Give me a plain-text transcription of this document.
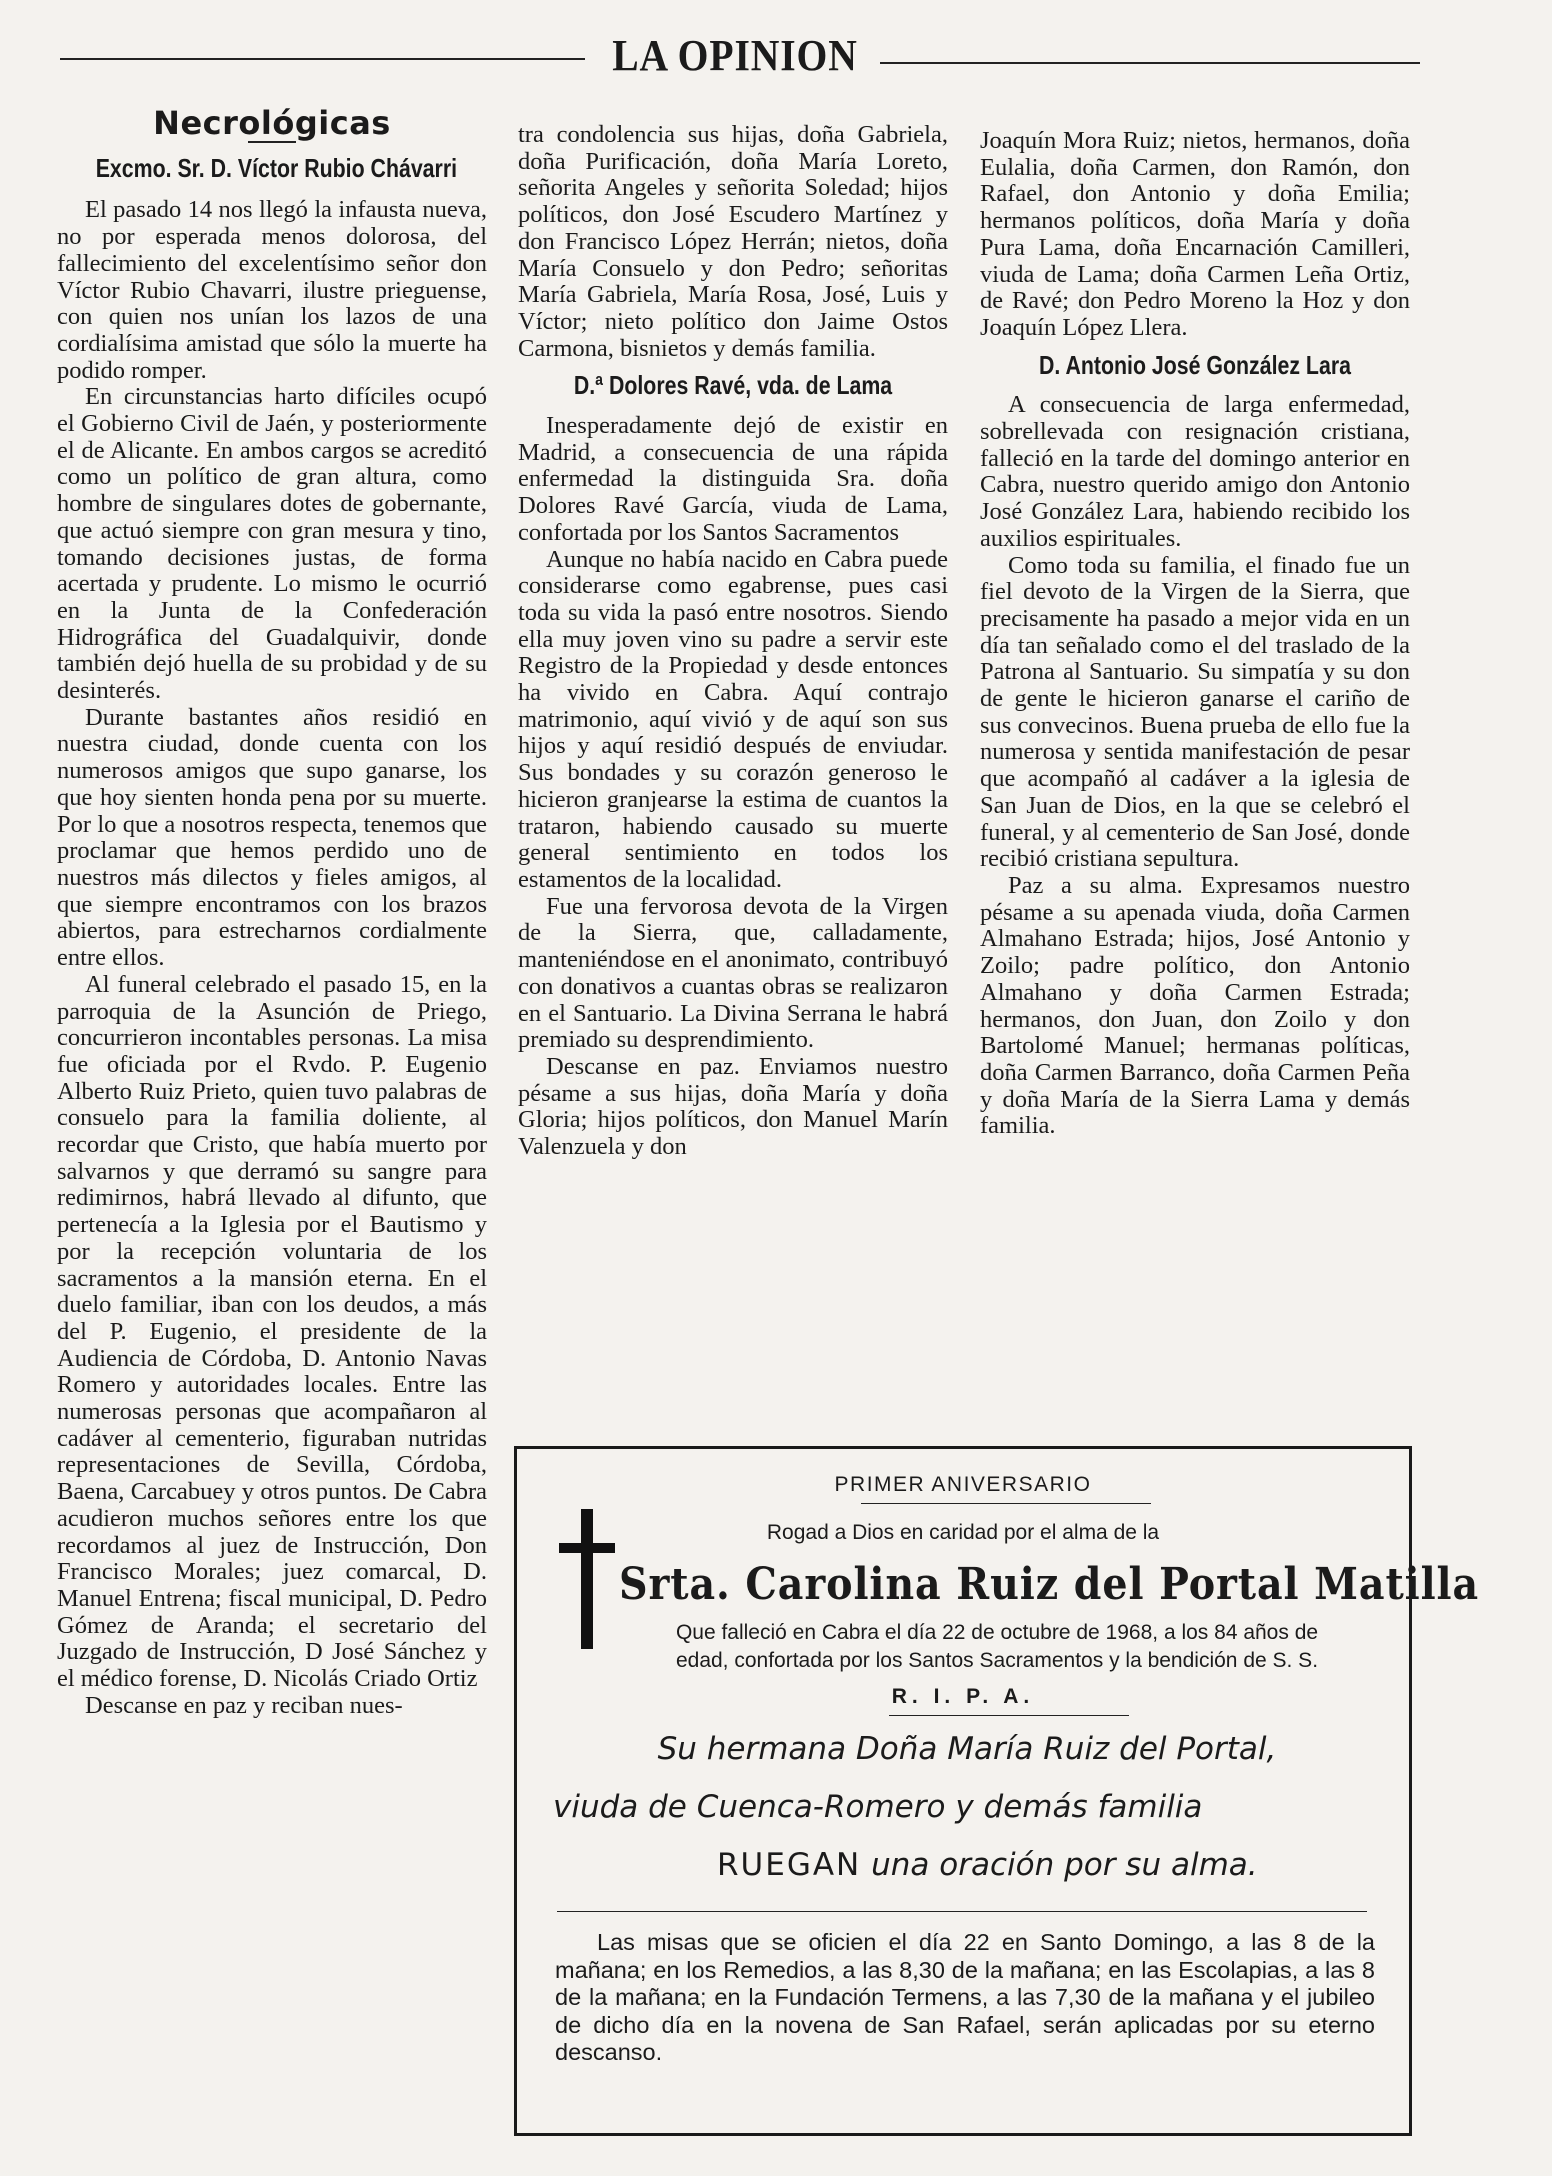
LA OPINION
Necrológicas
Excmo. Sr. D. Víctor Rubio Chávarri

El pasado 14 nos llegó la infausta nueva, no por esperada menos dolorosa, del fallecimiento del excelentísimo señor don Víctor Rubio Chavarri, ilustre prieguense, con quien nos unían los lazos de una cordialísima amistad que sólo la muerte ha podido romper.

En circunstancias harto difíciles ocupó el Gobierno Civil de Jaén, y posteriormente el de Alicante. En ambos cargos se acreditó como un político de gran altura, como hombre de singulares dotes de gobernante, que actuó siempre con gran mesura y tino, tomando decisiones justas, de forma acertada y prudente. Lo mismo le ocurrió en la Junta de la Confederación Hidrográfica del Guadalquivir, donde también dejó huella de su probidad y de su desinterés.

Durante bastantes años residió en nuestra ciudad, donde cuenta con los numerosos amigos que supo ganarse, los que hoy sienten honda pena por su muerte. Por lo que a nosotros respecta, tenemos que proclamar que hemos perdido uno de nuestros más dilectos y fieles amigos, al que siempre encontramos con los brazos abiertos, para estrecharnos cordialmente entre ellos.

Al funeral celebrado el pasado 15, en la parroquia de la Asunción de Priego, concurrieron incontables personas. La misa fue oficiada por el Rvdo. P. Eugenio Alberto Ruiz Prieto, quien tuvo palabras de consuelo para la familia doliente, al recordar que Cristo, que había muerto por salvarnos y que derramó su sangre para redimirnos, habrá llevado al difunto, que pertenecía a la Iglesia por el Bautismo y por la recepción voluntaria de los sacramentos a la mansión eterna. En el duelo familiar, iban con los deudos, a más del P. Eugenio, el presidente de la Audiencia de Córdoba, D. Antonio Navas Romero y autoridades locales. Entre las numerosas personas que acompañaron al cadáver al cementerio, figuraban nutridas representaciones de Sevilla, Córdoba, Baena, Carcabuey y otros puntos. De Cabra acudieron muchos señores entre los que recordamos al juez de Instrucción, Don Francisco Morales; juez comarcal, D. Manuel Entrena; fiscal municipal, D. Pedro Gómez de Aranda; el secretario del Juzgado de Instrucción, D José Sánchez y el médico forense, D. Nicolás Criado Ortiz

Descanse en paz y reciban nues-

tra condolencia sus hijas, doña Gabriela, doña Purificación, doña María Loreto, señorita Angeles y señorita Soledad; hijos políticos, don José Escudero Martínez y don Francisco López Herrán; nietos, doña María Consuelo y don Pedro; señoritas María Gabriela, María Rosa, José, Luis y Víctor; nieto político don Jaime Ostos Carmona, bisnietos y demás familia.

D.ª Dolores Ravé, vda. de Lama

Inesperadamente dejó de existir en Madrid, a consecuencia de una rápida enfermedad la distinguida Sra. doña Dolores Ravé García, viuda de Lama, confortada por los Santos Sacramentos

Aunque no había nacido en Cabra puede considerarse como egabrense, pues casi toda su vida la pasó entre nosotros. Siendo ella muy joven vino su padre a servir este Registro de la Propiedad y desde entonces ha vivido en Cabra. Aquí contrajo matrimonio, aquí vivió y de aquí son sus hijos y aquí residió después de enviudar. Sus bondades y su corazón generoso le hicieron granjearse la estima de cuantos la trataron, habiendo causado su muerte general sentimiento en todos los estamentos de la localidad.

Fue una fervorosa devota de la Virgen de la Sierra, que, calladamente, manteniéndose en el anonimato, contribuyó con donativos a cuantas obras se realizaron en el Santuario. La Divina Serrana le habrá premiado su desprendimiento.

Descanse en paz. Enviamos nuestro pésame a sus hijas, doña María y doña Gloria; hijos políticos, don Manuel Marín Valenzuela y don

Joaquín Mora Ruiz; nietos, hermanos, doña Eulalia, doña Carmen, don Ramón, don Rafael, don Antonio y doña Emilia; hermanos políticos, doña María y doña Pura Lama, doña Encarnación Camilleri, viuda de Lama; doña Carmen Leña Ortiz, de Ravé; don Pedro Moreno la Hoz y don Joaquín López Llera.

D. Antonio José González Lara

A consecuencia de larga enfermedad, sobrellevada con resignación cristiana, falleció en la tarde del domingo anterior en Cabra, nuestro querido amigo don Antonio José González Lara, habiendo recibido los auxilios espirituales.

Como toda su familia, el finado fue un fiel devoto de la Virgen de la Sierra, que precisamente ha pasado a mejor vida en un día tan señalado como el del traslado de la Patrona al Santuario. Su simpatía y su don de gente le hicieron ganarse el cariño de sus convecinos. Buena prueba de ello fue la numerosa y sentida manifestación de pesar que acompañó al cadáver a la iglesia de San Juan de Dios, en la que se celebró el funeral, y al cementerio de San José, donde recibió cristiana sepultura.

Paz a su alma. Expresamos nuestro pésame a su apenada viuda, doña Carmen Almahano Estrada; hijos, José Antonio y Zoilo; padre político, don Antonio Almahano y doña Carmen Estrada; hermanos, don Juan, don Zoilo y don Bartolomé Manuel; hermanas políticas, doña Carmen Barranco, doña Carmen Peña y doña María de la Sierra Lama y demás familia.

PRIMER ANIVERSARIO
Rogad a Dios en caridad por el alma de la
Srta. Carolina Ruiz del Portal Matilla
Que falleció en Cabra el día 22 de octubre de 1968, a los 84 años de
edad, confortada por los Santos Sacramentos y la bendición de S. S.
R. I. P. A.
Su hermana Doña María Ruiz del Portal,
viuda de Cuenca-Romero y demás familia
RUEGAN una oración por su alma.

Las misas que se oficien el día 22 en Santo Domingo, a las 8 de la mañana; en los Remedios, a las 8,30 de la mañana; en las Escolapias, a las 8 de la mañana; en la Fundación Termens, a las 7,30 de la mañana y el jubileo de dicho día en la novena de San Rafael, serán aplicadas por su eterno descanso.
